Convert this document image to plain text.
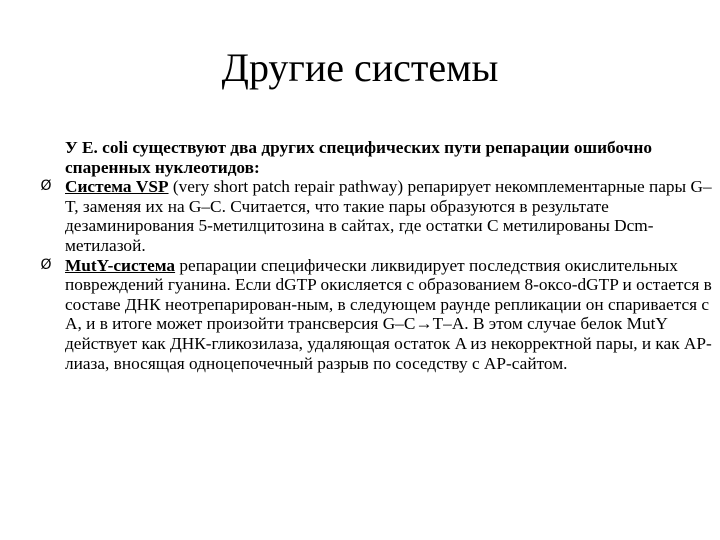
Другие системы

У E. coli существуют два других специфических пути репарации ошибочно спаренных нуклеотидов:

Ø Система VSP (very short patch repair pathway) репарирует некомплементарные пары G–T, заменяя их на G–C. Считается, что такие пары образуются в результате дезаминирования 5-метилцитозина в сайтах, где остатки C метилированы Dcm-метилазой.

Ø MutY-система репарации специфически ликвидирует последствия окислительных повреждений гуанина. Если dGTP окисляется с образованием 8-оксо-dGTP и остается в составе ДНК неотрепарирован-ным, в следующем раунде репликации он спаривается с A, и в итоге может произойти трансверсия G–C→T–A. В этом случае белок MutY действует как ДНК-гликозилаза, удаляющая остаток A из некорректной пары, и как AP-лиаза, вносящая одноцепочечный разрыв по соседству с AP-сайтом.
